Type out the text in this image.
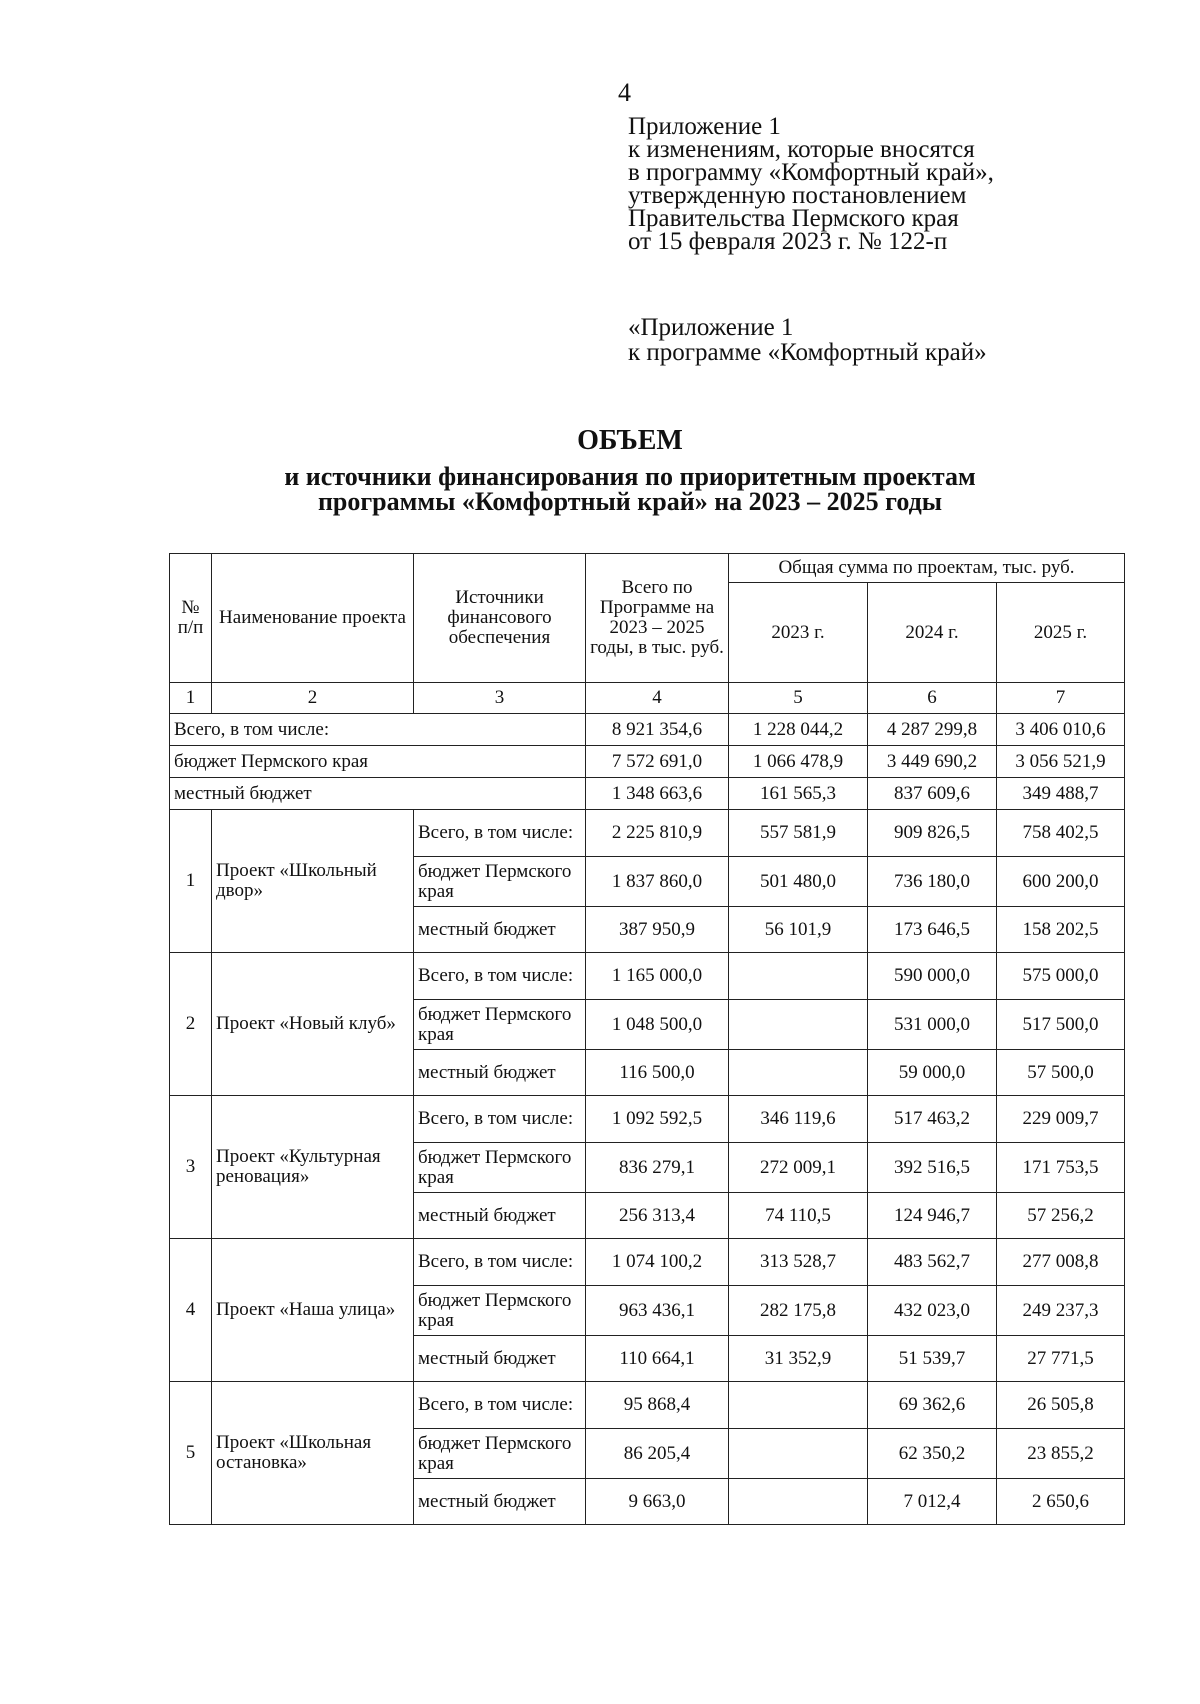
4
Приложение 1
к изменениям, которые вносятся
в программу «Комфортный край»,
утвержденную постановлением
Правительства Пермского края
от 15 февраля 2023 г. № 122-п
«Приложение 1
к программе «Комфортный край»
ОБЪЕМ
и источники финансирования по приоритетным проектам
программы «Комфортный край» на 2023 – 2025 годы
№ п/п	Наименование проекта	Источники финансового обеспечения	Всего по Программе на 2023 – 2025 годы, в тыс. руб.	Общая сумма по проектам, тыс. руб.		
				2023 г.	2024 г.	2025 г.
1	2	3	4	5	6	7
Всего, в том числе:			8 921 354,6	1 228 044,2	4 287 299,8	3 406 010,6
бюджет Пермского края			7 572 691,0	1 066 478,9	3 449 690,2	3 056 521,9
местный бюджет			1 348 663,6	161 565,3	837 609,6	349 488,7
1	Проект «Школьный двор»	Всего, в том числе:	2 225 810,9	557 581,9	909 826,5	758 402,5
		бюджет Пермского края	1 837 860,0	501 480,0	736 180,0	600 200,0
		местный бюджет	387 950,9	56 101,9	173 646,5	158 202,5
2	Проект «Новый клуб»	Всего, в том числе:	1 165 000,0		590 000,0	575 000,0
		бюджет Пермского края	1 048 500,0		531 000,0	517 500,0
		местный бюджет	116 500,0		59 000,0	57 500,0
3	Проект «Культурная реновация»	Всего, в том числе:	1 092 592,5	346 119,6	517 463,2	229 009,7
		бюджет Пермского края	836 279,1	272 009,1	392 516,5	171 753,5
		местный бюджет	256 313,4	74 110,5	124 946,7	57 256,2
4	Проект «Наша улица»	Всего, в том числе:	1 074 100,2	313 528,7	483 562,7	277 008,8
		бюджет Пермского края	963 436,1	282 175,8	432 023,0	249 237,3
		местный бюджет	110 664,1	31 352,9	51 539,7	27 771,5
5	Проект «Школьная остановка»	Всего, в том числе:	95 868,4		69 362,6	26 505,8
		бюджет Пермского края	86 205,4		62 350,2	23 855,2
		местный бюджет	9 663,0		7 012,4	2 650,6
